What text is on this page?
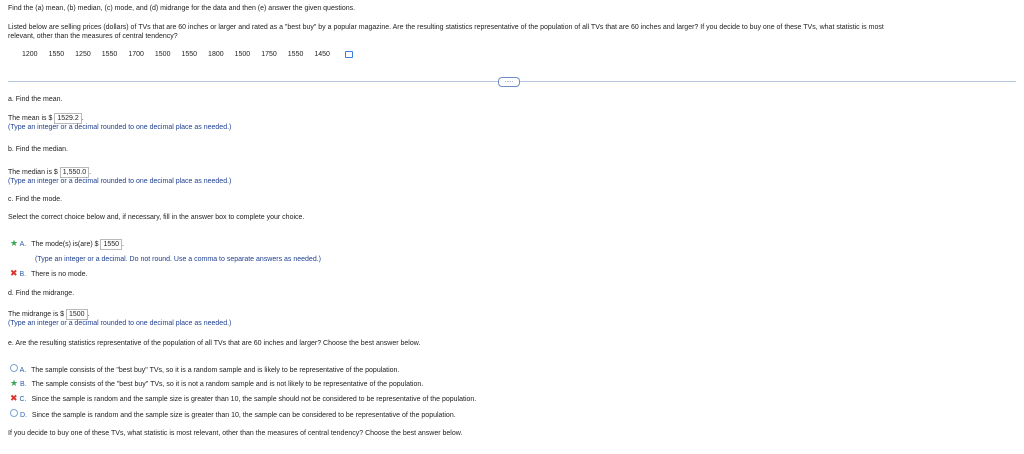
Find the (a) mean, (b) median, (c) mode, and (d) midrange for the data and then (e) answer the given questions.
Listed below are selling prices (dollars) of TVs that are 60 inches or larger and rated as a "best buy" by a popular magazine. Are the resulting statistics representative of the population of all TVs that are 60 inches and larger? If you decide to buy one of these TVs, what statistic is most
relevant, other than the measures of central tendency?
1200 1550 1250 1550 1700 1500 1550 1800 1500 1750 1550 1450
.....
a. Find the mean.
The mean is $ 1529.2 .
(Type an integer or a decimal rounded to one decimal place as needed.)
b. Find the median.
The median is $ 1,550.0 .
(Type an integer or a decimal rounded to one decimal place as needed.)
c. Find the mode.
Select the correct choice below and, if necessary, fill in the answer box to complete your choice.
★ A. The mode(s) is(are) $ 1550 .
(Type an integer or a decimal. Do not round. Use a comma to separate answers as needed.)
✖ B. There is no mode.
d. Find the midrange.
The midrange is $ 1500 .
(Type an integer or a decimal rounded to one decimal place as needed.)
e. Are the resulting statistics representative of the population of all TVs that are 60 inches and larger? Choose the best answer below.
A. The sample consists of the "best buy" TVs, so it is a random sample and is likely to be representative of the population.
★ B. The sample consists of the "best buy" TVs, so it is not a random sample and is not likely to be representative of the population.
✖ C. Since the sample is random and the sample size is greater than 10, the sample should not be considered to be representative of the population.
D. Since the sample is random and the sample size is greater than 10, the sample can be considered to be representative of the population.
If you decide to buy one of these TVs, what statistic is most relevant, other than the measures of central tendency? Choose the best answer below.
